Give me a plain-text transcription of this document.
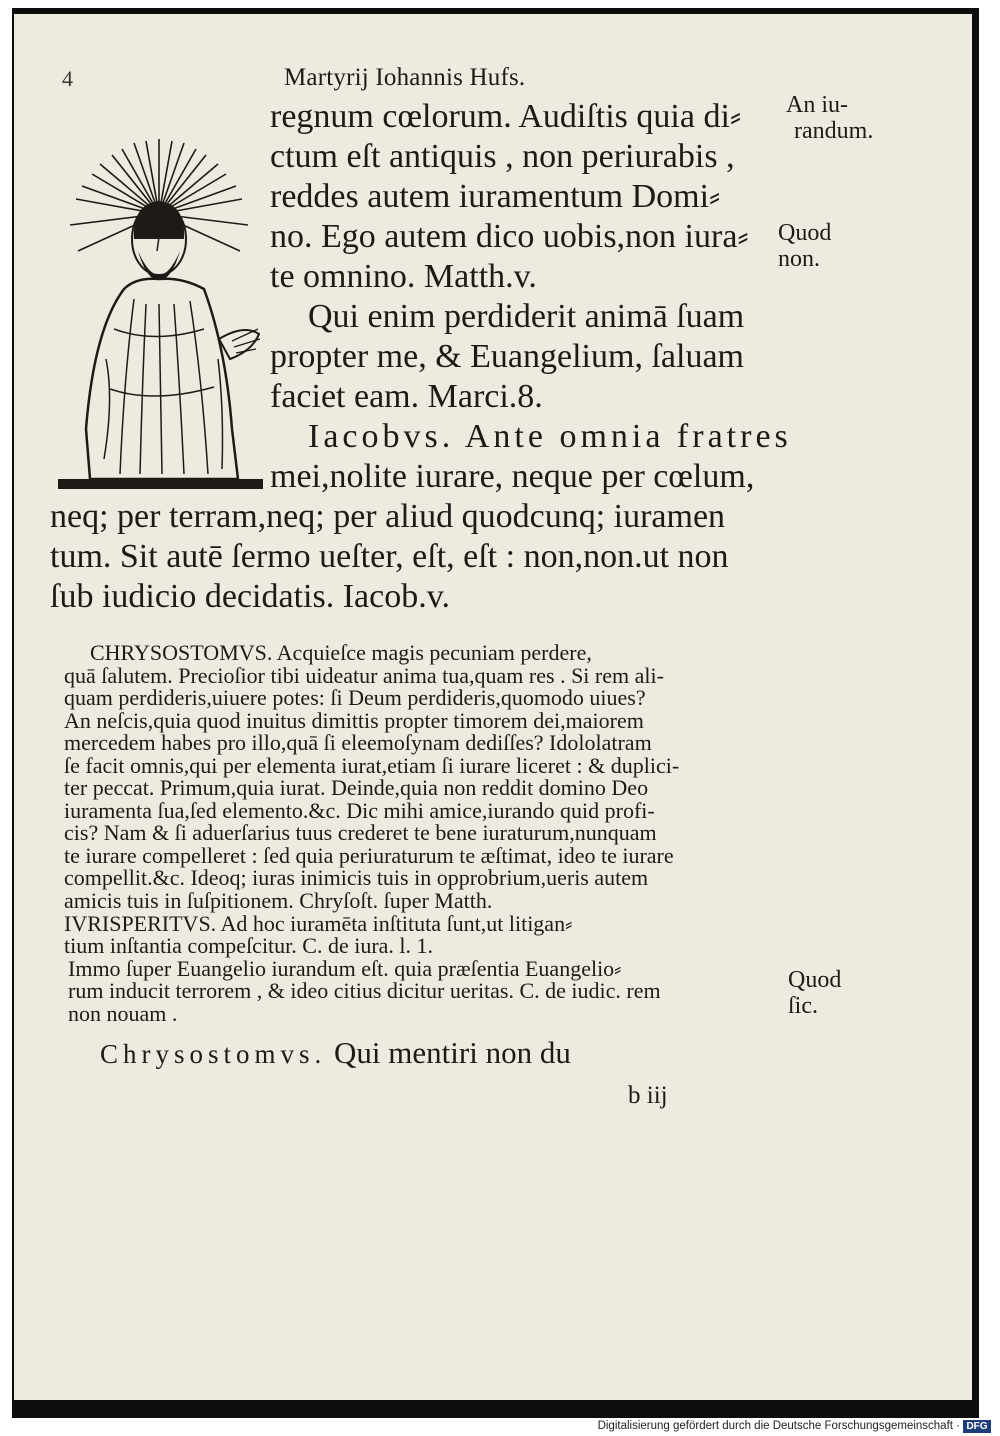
4	Martyrij Iohannis Hufs.
regnum cœlorum. Audiſtis quia di⸗
ctum eſt antiquis , non periurabis ,
reddes autem iuramentum Domi⸗
no. Ego autem dico uobis,non iura⸗
te omnino. Matth.v.
Qui enim perdiderit animā ſuam
propter me, & Euangelium, ſaluam
faciet eam. Marci.8.
Iacobvs. Ante omnia fratres
mei,nolite iurare, neque per cœlum,
neq; per terram,neq; per aliud quodcunq; iuramen
tum. Sit autē ſermo ueſter, eſt, eſt : non,non.ut non
ſub iudicio decidatis. Iacob.v.
CHRYSOSTOMVS. Acquieſce magis pecuniam perdere,
quā ſalutem. Precioſior tibi uideatur anima tua,quam res . Si rem ali-
quam perdideris,uiuere potes: ſi Deum perdideris,quomodo uiues?
An neſcis,quia quod inuitus dimittis propter timorem dei,maiorem
mercedem habes pro illo,quā ſi eleemoſynam dediſſes? Idololatram
ſe facit omnis,qui per elementa iurat,etiam ſi iurare liceret : & duplici-
ter peccat. Primum,quia iurat. Deinde,quia non reddit domino Deo
iuramenta ſua,ſed elemento.&c. Dic mihi amice,iurando quid profi-
cis? Nam & ſi aduerſarius tuus crederet te bene iuraturum,nunquam
te iurare compelleret : ſed quia periuraturum te æſtimat, ideo te iurare
compellit.&c. Ideoq; iuras inimicis tuis in opprobrium,ueris autem
amicis tuis in ſuſpitionem. Chryſoſt. ſuper Matth.
IVRISPERITVS. Ad hoc iuramēta inſtituta ſunt,ut litigan⸗
tium inſtantia compeſcitur. C. de iura. l. 1.
Immo ſuper Euangelio iurandum eſt. quia præſentia Euangelio⸗
rum inducit terrorem , & ideo citius dicitur ueritas. C. de iudic. rem
non nouam .
Chrysostomvs. Qui mentiri non du
b iij
An iu-
randum.
Quod
non.
Quod
ſic.
Digitalisierung gefördert durch die Deutsche Forschungsgemeinschaft · DFG
